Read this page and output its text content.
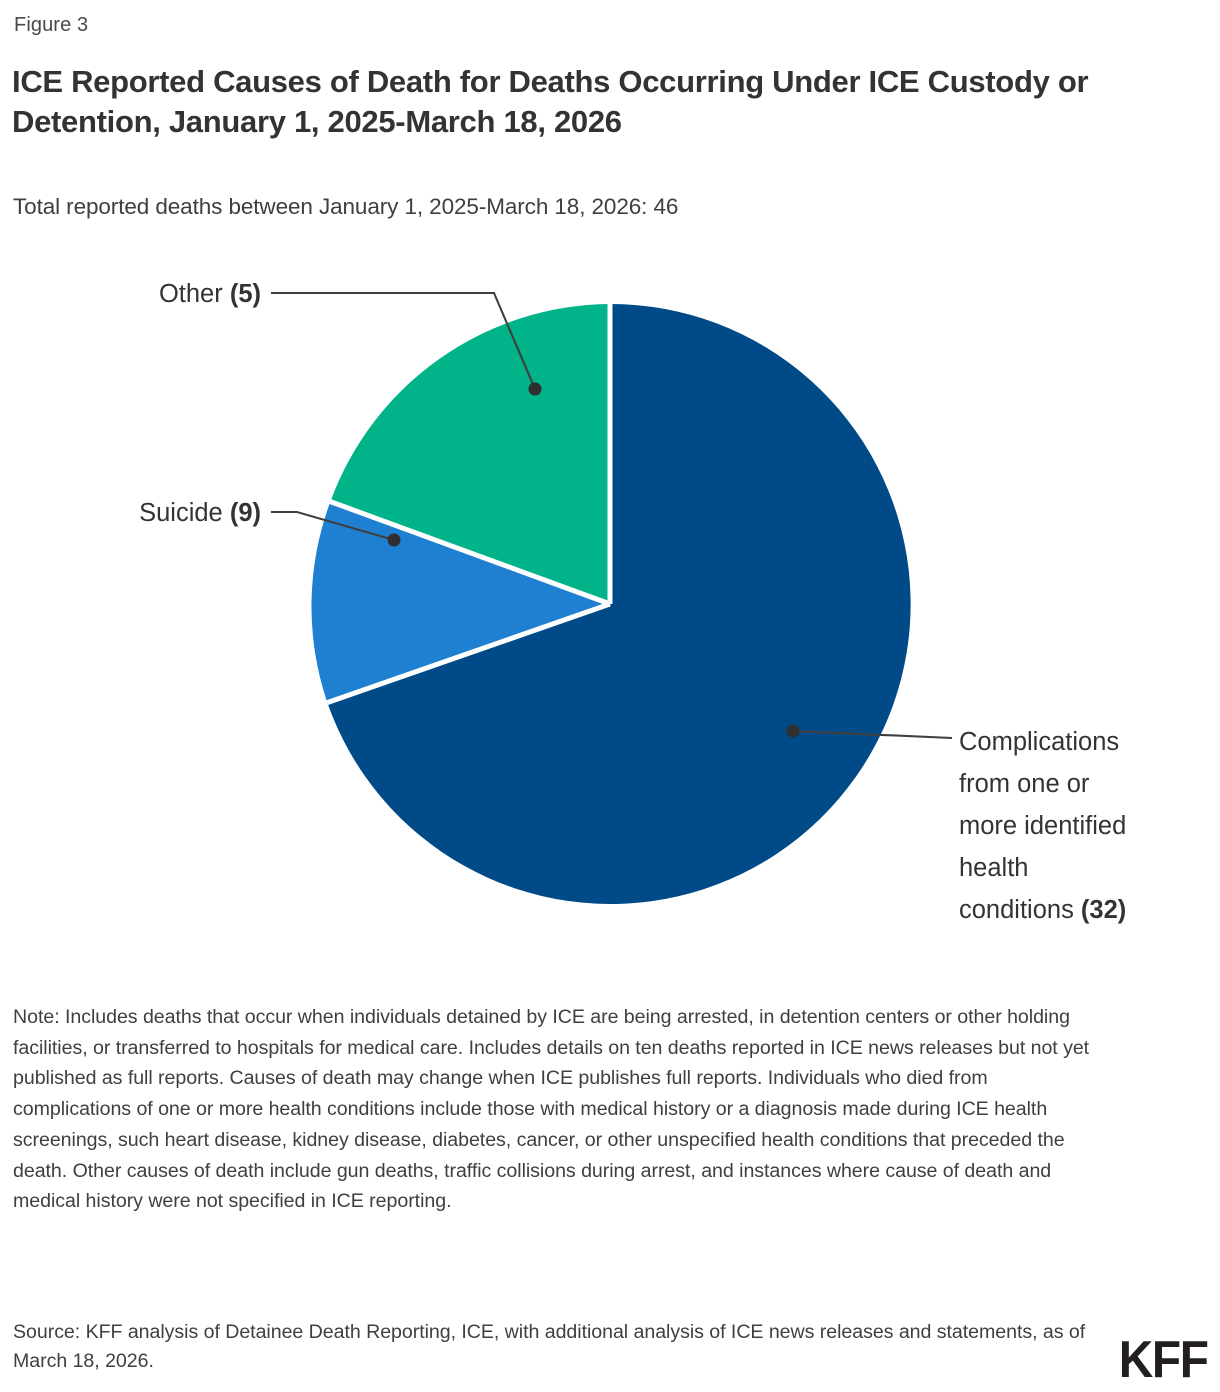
Figure 3
ICE Reported Causes of Death for Deaths Occurring Under ICE Custody or Detention, January 1, 2025-March 18, 2026
Total reported deaths between January 1, 2025-March 18, 2026: 46
Other (5)
Suicide (9)
Complications from one or more identified health conditions (32)
Note: Includes deaths that occur when individuals detained by ICE are being arrested, in detention centers or other holding facilities, or transferred to hospitals for medical care. Includes details on ten deaths reported in ICE news releases but not yet published as full reports. Causes of death may change when ICE publishes full reports. Individuals who died from complications of one or more health conditions include those with medical history or a diagnosis made during ICE health screenings, such heart disease, kidney disease, diabetes, cancer, or other unspecified health conditions that preceded the death. Other causes of death include gun deaths, traffic collisions during arrest, and instances where cause of death and medical history were not specified in ICE reporting.
Source: KFF analysis of Detainee Death Reporting, ICE, with additional analysis of ICE news releases and statements, as of March 18, 2026.	KFF
